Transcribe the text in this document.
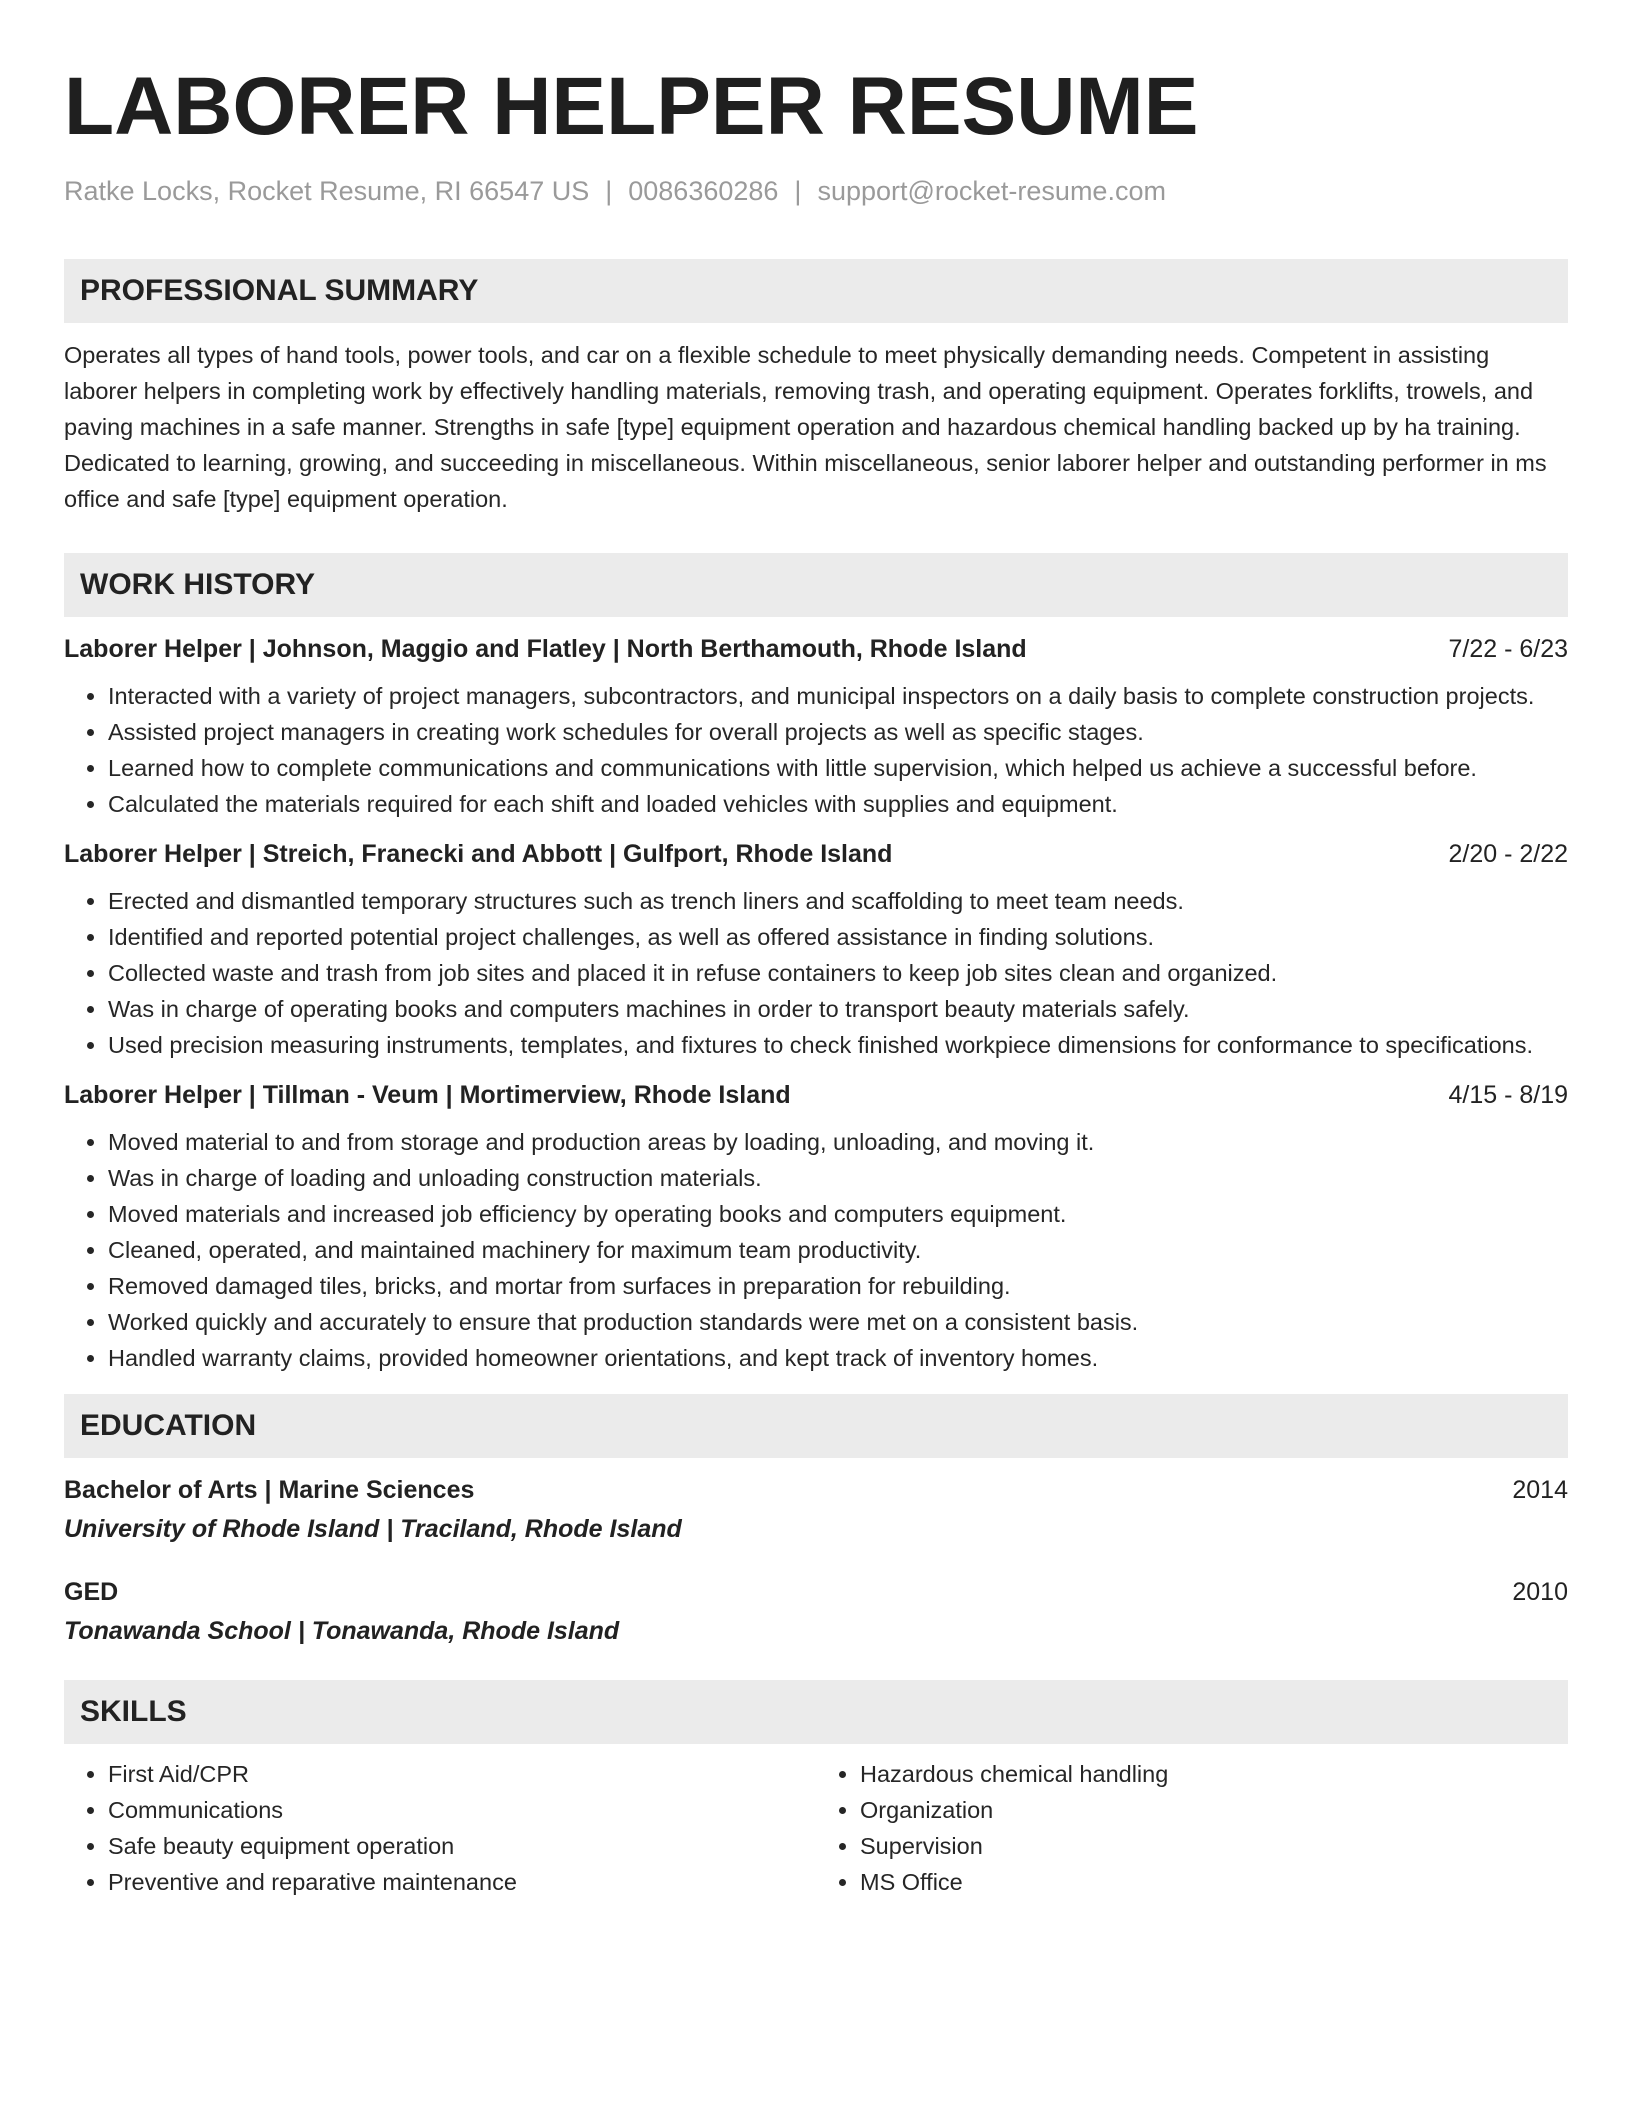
LABORER HELPER RESUME
Ratke Locks, Rocket Resume, RI 66547 US | 0086360286 | support@rocket-resume.com
PROFESSIONAL SUMMARY
Operates all types of hand tools, power tools, and car on a flexible schedule to meet physically demanding needs. Competent in assisting laborer helpers in completing work by effectively handling materials, removing trash, and operating equipment. Operates forklifts, trowels, and paving machines in a safe manner. Strengths in safe [type] equipment operation and hazardous chemical handling backed up by ha training. Dedicated to learning, growing, and succeeding in miscellaneous. Within miscellaneous, senior laborer helper and outstanding performer in ms office and safe [type] equipment operation.
WORK HISTORY
Laborer Helper | Johnson, Maggio and Flatley | North Berthamouth, Rhode Island	7/22 - 6/23
• Interacted with a variety of project managers, subcontractors, and municipal inspectors on a daily basis to complete construction projects.
• Assisted project managers in creating work schedules for overall projects as well as specific stages.
• Learned how to complete communications and communications with little supervision, which helped us achieve a successful before.
• Calculated the materials required for each shift and loaded vehicles with supplies and equipment.
Laborer Helper | Streich, Franecki and Abbott | Gulfport, Rhode Island	2/20 - 2/22
• Erected and dismantled temporary structures such as trench liners and scaffolding to meet team needs.
• Identified and reported potential project challenges, as well as offered assistance in finding solutions.
• Collected waste and trash from job sites and placed it in refuse containers to keep job sites clean and organized.
• Was in charge of operating books and computers machines in order to transport beauty materials safely.
• Used precision measuring instruments, templates, and fixtures to check finished workpiece dimensions for conformance to specifications.
Laborer Helper | Tillman - Veum | Mortimerview, Rhode Island	4/15 - 8/19
• Moved material to and from storage and production areas by loading, unloading, and moving it.
• Was in charge of loading and unloading construction materials.
• Moved materials and increased job efficiency by operating books and computers equipment.
• Cleaned, operated, and maintained machinery for maximum team productivity.
• Removed damaged tiles, bricks, and mortar from surfaces in preparation for rebuilding.
• Worked quickly and accurately to ensure that production standards were met on a consistent basis.
• Handled warranty claims, provided homeowner orientations, and kept track of inventory homes.
EDUCATION
Bachelor of Arts | Marine Sciences	2014
University of Rhode Island | Traciland, Rhode Island
GED	2010
Tonawanda School | Tonawanda, Rhode Island
SKILLS
• First Aid/CPR
• Communications
• Safe beauty equipment operation
• Preventive and reparative maintenance
• Hazardous chemical handling
• Organization
• Supervision
• MS Office
